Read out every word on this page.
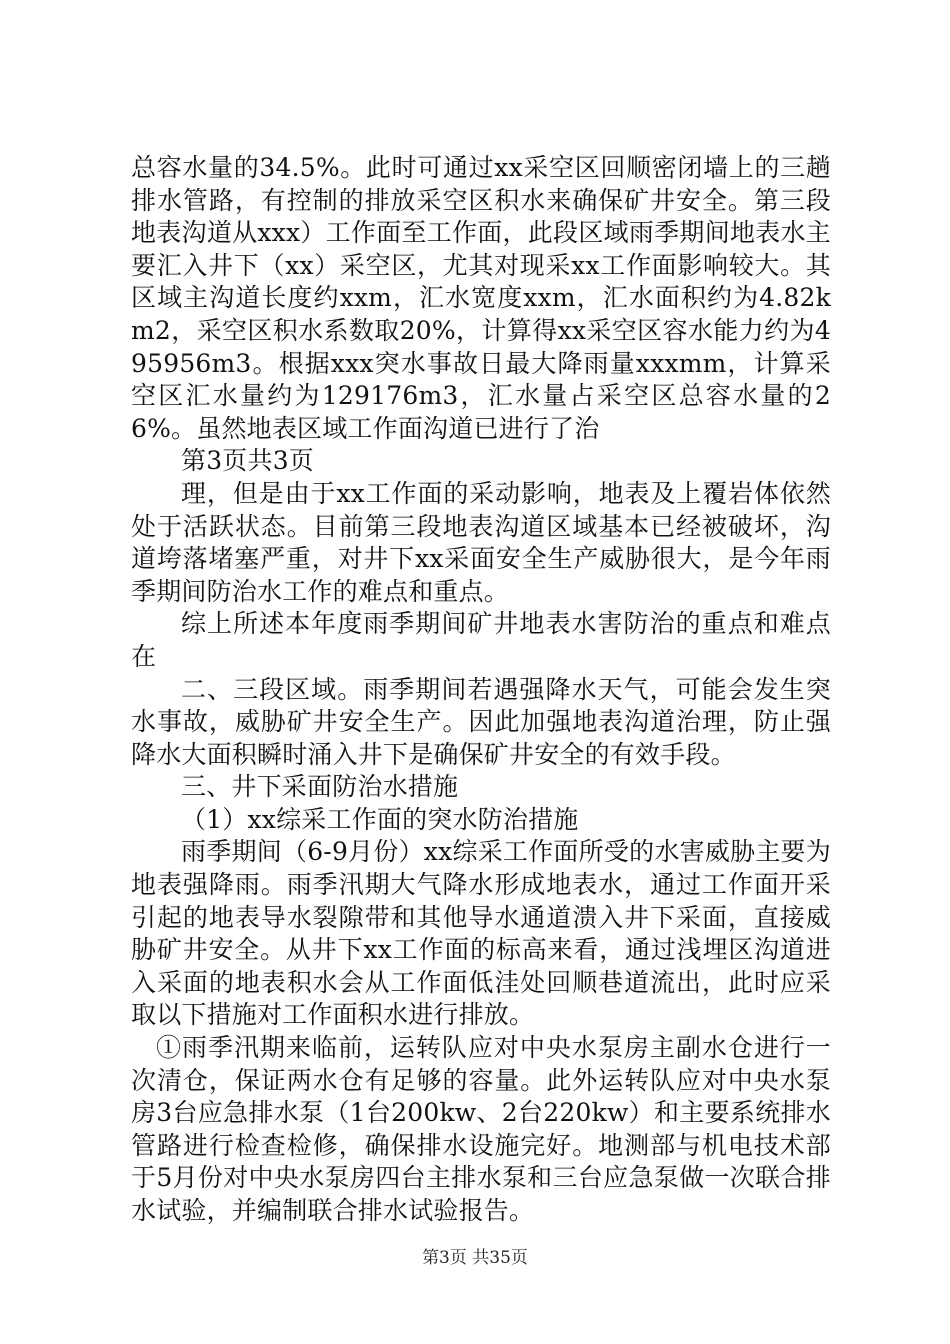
总容水量的34.5%。此时可通过xx采空区回顺密闭墙上的三趟排水管路，有控制的排放采空区积水来确保矿井安全。第三段地表沟道从xxx）工作面至工作面，此段区域雨季期间地表水主要汇入井下（xx）采空区，尤其对现采xx工作面影响较大。其区域主沟道长度约xxm，汇水宽度xxm，汇水面积约为4.82km2，采空区积水系数取20%，计算得xx采空区容水能力约为495956m3。根据xxx突水事故日最大降雨量xxxmm，计算采空区汇水量约为129176m3，汇水量占采空区总容水量的26%。虽然地表区域工作面沟道已进行了治

第3页共3页

理，但是由于xx工作面的采动影响，地表及上覆岩体依然处于活跃状态。目前第三段地表沟道区域基本已经被破坏，沟道垮落堵塞严重，对井下xx采面安全生产威胁很大，是今年雨季期间防治水工作的难点和重点。

综上所述本年度雨季期间矿井地表水害防治的重点和难点在

二、三段区域。雨季期间若遇强降水天气，可能会发生突水事故，威胁矿井安全生产。因此加强地表沟道治理，防止强降水大面积瞬时涌入井下是确保矿井安全的有效手段。

三、井下采面防治水措施

（1）xx综采工作面的突水防治措施

雨季期间（6-9月份）xx综采工作面所受的水害威胁主要为地表强降雨。雨季汛期大气降水形成地表水，通过工作面开采引起的地表导水裂隙带和其他导水通道溃入井下采面，直接威胁矿井安全。从井下xx工作面的标高来看，通过浅埋区沟道进入采面的地表积水会从工作面低洼处回顺巷道流出，此时应采取以下措施对工作面积水进行排放。

①雨季汛期来临前，运转队应对中央水泵房主副水仓进行一次清仓，保证两水仓有足够的容量。此外运转队应对中央水泵房3台应急排水泵（1台200kw、2台220kw）和主要系统排水管路进行检查检修，确保排水设施完好。地测部与机电技术部于5月份对中央水泵房四台主排水泵和三台应急泵做一次联合排水试验，并编制联合排水试验报告。

第3页 共35页
